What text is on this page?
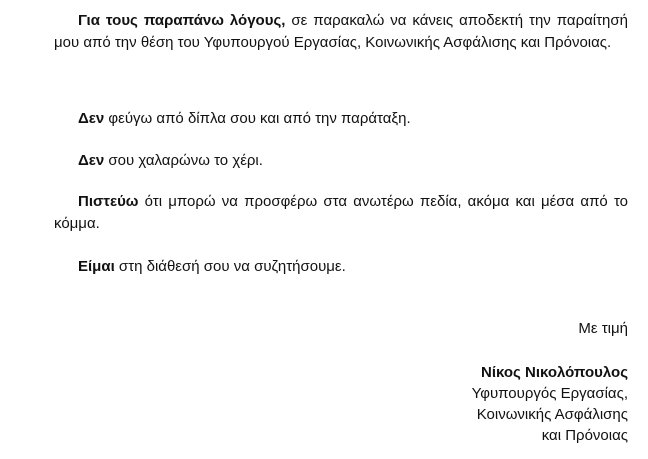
Για τους παραπάνω λόγους, σε παρακαλώ να κάνεις αποδεκτή την παραίτησή μου από την θέση του Υφυπουργού Εργασίας, Κοινωνικής Ασφάλισης και Πρόνοιας.

Δεν φεύγω από δίπλα σου και από την παράταξη.

Δεν σου χαλαρώνω το χέρι.

Πιστεύω ότι μπορώ να προσφέρω στα ανωτέρω πεδία, ακόμα και μέσα από το κόμμα.

Είμαι στη διάθεσή σου να συζητήσουμε.

Με τιμή

Νίκος Νικολόπουλος
Υφυπουργός Εργασίας,
Κοινωνικής Ασφάλισης
και Πρόνοιας
